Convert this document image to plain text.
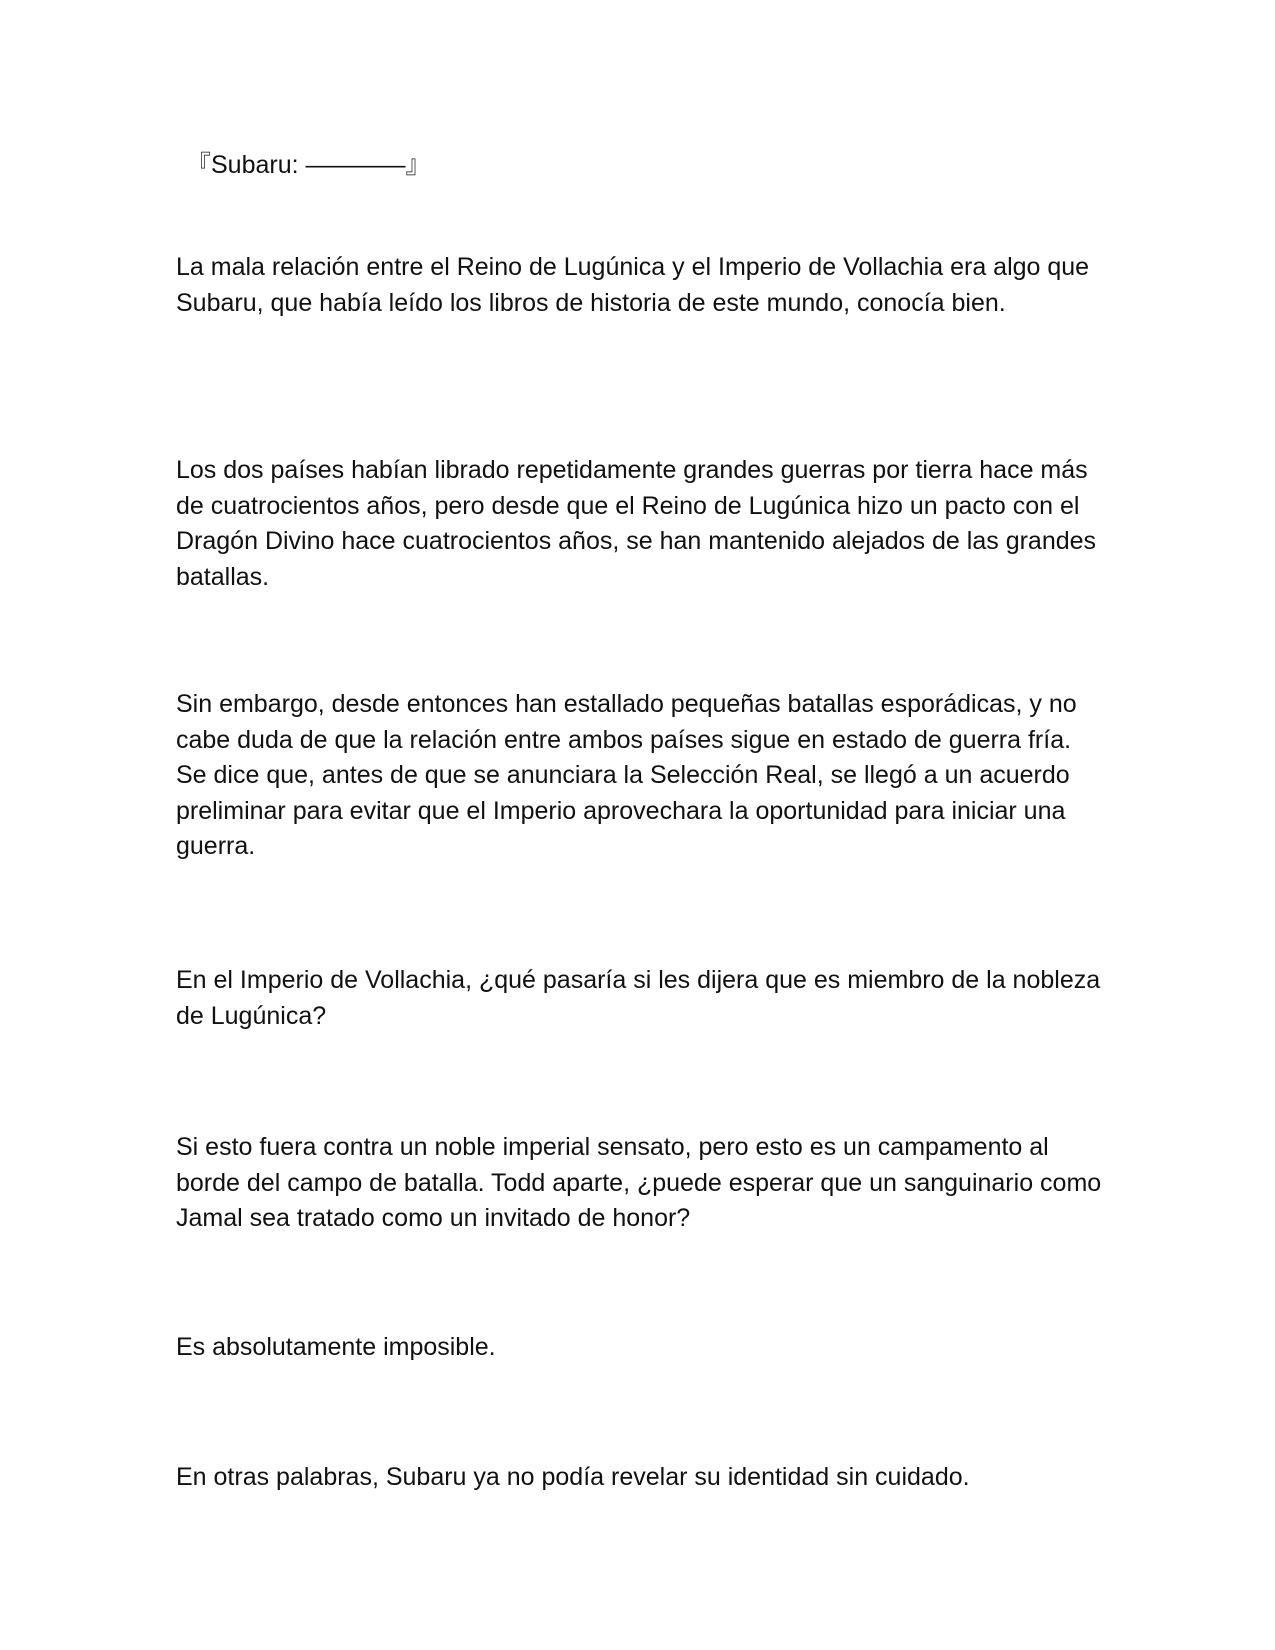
『Subaru: ————』

La mala relación entre el Reino de Lugúnica y el Imperio de Vollachia era algo que Subaru, que había leído los libros de historia de este mundo, conocía bien.

Los dos países habían librado repetidamente grandes guerras por tierra hace más de cuatrocientos años, pero desde que el Reino de Lugúnica hizo un pacto con el Dragón Divino hace cuatrocientos años, se han mantenido alejados de las grandes batallas.

Sin embargo, desde entonces han estallado pequeñas batallas esporádicas, y no cabe duda de que la relación entre ambos países sigue en estado de guerra fría. Se dice que, antes de que se anunciara la Selección Real, se llegó a un acuerdo preliminar para evitar que el Imperio aprovechara la oportunidad para iniciar una guerra.

En el Imperio de Vollachia, ¿qué pasaría si les dijera que es miembro de la nobleza de Lugúnica?

Si esto fuera contra un noble imperial sensato, pero esto es un campamento al borde del campo de batalla. Todd aparte, ¿puede esperar que un sanguinario como Jamal sea tratado como un invitado de honor?

Es absolutamente imposible.

En otras palabras, Subaru ya no podía revelar su identidad sin cuidado.
